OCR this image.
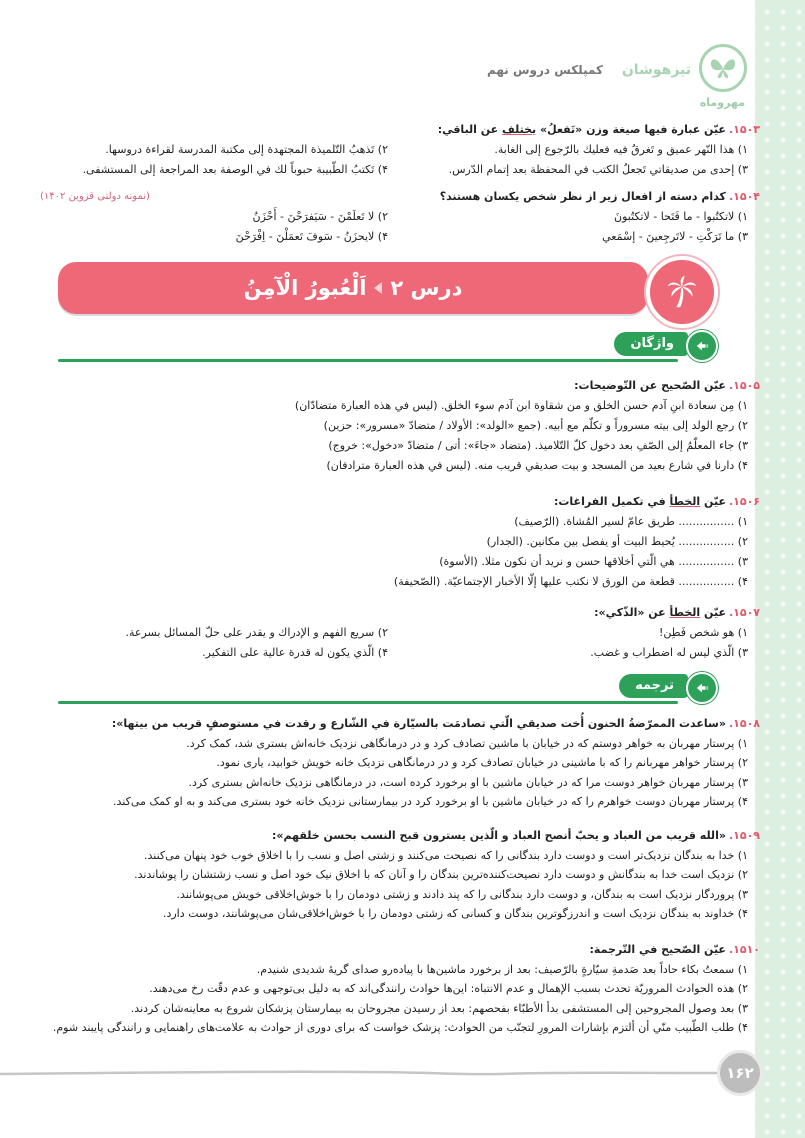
مهروماه
تیزهوشان
کمپلکس دروس نهم
۱۵۰۳.عيّن عبارة فيها صيغة وزن «تَفعلُ» يختلف عن الباقي:
۱) هذا النّهر عميق و تَغرقُ فيه فعليك بالرّجوع إلى الغابة.
۲) تَذهبُ التّلميذة المجتهدة إلى مكتبة المدرسة لقراءة دروسها.
۳) إحدى من صديقاتي تَجعلُ الكتب في المحفظة بعد إتمام الدّرس.
۴) تَكتبُ الطّبيبة حبوباً لك في الوصفة بعد المراجعة إلى المستشفى.
۱۵۰۴.کدام دسته از افعال زیر از نظر شخص یکسان هستند؟
(نمونه دولتی قزوین ۱۴۰۲)
۱) لاتكتُبوا - ما فَتَحا - لاتكتُبونَ
۲) لا تَعلَمْنَ - سَيَفرَحْنَ - أَحْزَنُ
۳) ما تَرَكْتِ - لاتَرجِعينَ - إسْمَعي
۴) لايحزَنُ - سَوفَ تَعمَلْنَ - اِفْرَحْنَ
درس ۲
اَلْعُبورُ الْآمِنُ
واژگان
۱۵۰۵.عيّن الصّحيح عن التّوضيحات:
۱) مِن سعادة ابنِ آدم حسن الخلق و من شقاوة ابن آدم سوء الخلق. (ليس في هذه العبارة متضادّان)
۲) رجع الولد إلى بيته مسروراً و تكلّم مع أبيه. (جمع «الولد»: الأولاد / متضادّ «مسرور»: حزين)
۳) جاء المعلّمُ إلى الصّفِ بعد دخول كلّ التّلاميذ. (متضاد «جاءَ»: أتى / متضادّ «دخول»: خروج)
۴) دارنا في شارع بعيد من المسجد و بيت صديقي قريب منه. (ليس في هذه العبارة مترادفان)
۱۵۰۶.عيّن الخطأ في تكميل الفراغات:
۱) ................ طريق عامّ لسير المُشاة. (الرّصيف)
۲) ................ يُحيط البيت أو يفصل بين مكانين. (الجدار)
۳) ................ هي الّتي أخلاقها حسن و نريد أن نكون مثلا. (الأسوة)
۴) ................ قطعة من الورق لا نكتب عليها إلّا الأخبار الإجتماعيّة. (الصّحيفة)
۱۵۰۷.عيّن الخطأ عن «الذّكي»:
۱) هو شخص فَطِن!
۲) سريع الفهم و الإدراك و يقدر على حلّ المسائل بسرعة.
۳) الّذي ليس له اضطراب و غضب.
۴) الّذي يكون له قدرة عالية على التفكير.
ترجمه
۱۵۰۸.«ساعدت الممرّضةُ الحنون أُخت صديقي الّتي تصادمَت بالسيّارة في الشّارع و رقدت في مستوصفٍ قريب من بيتها»:
۱) پرستار مهربان به خواهر دوستم که در خیابان با ماشین تصادف کرد و در درمانگاهی نزدیک خانه‌اش بستری شد، کمک کرد.
۲) پرستار خواهر مهربانم را که با ماشینی در خیابان تصادف کرد و در درمانگاهی نزدیک خانه خویش خوابید، یاری نمود.
۳) پرستار مهربان خواهر دوست مرا که در خیابان ماشین با او برخورد کرده است، در درمانگاهی نزدیک خانه‌اش بستری کرد.
۴) پرستار مهربان دوست خواهرم را که در خیابان ماشین با او برخورد کرد در بیمارستانی نزدیک خانه خود بستری می‌کند و به او کمک می‌کند.
۱۵۰۹.«الله قريب من العباد و يحبّ أنصح العباد و الّذين يسترون قبح النسب بحسن خلقهم»:
۱) خدا به بندگان نزدیک‌تر است و دوست دارد بندگانی را که نصیحت می‌کنند و زشتی اصل و نسب را با اخلاق خوب خود پنهان می‌کنند.
۲) نزدیک است خدا به بندگانش و دوست دارد نصیحت‌کننده‌ترین بندگان را و آنان که با اخلاق نیک خود اصل و نسب زشتشان را پوشاندند.
۳) پروردگار نزدیک است به بندگان، و دوست دارد بندگانی را که پند دادند و زشتی دودمان را با خوش‌اخلاقی خویش می‌پوشانند.
۴) خداوند به بندگان نزدیک است و اندرزگوترین بندگان و کسانی که زشتی دودمان را با خوش‌اخلاقی‌شان می‌پوشانند، دوست دارد.
۱۵۱۰.عيّن الصّحيح في التّرجمة:
۱) سمعتُ بكاء حاداً بعد صَدمةِ سيّارةٍ بالرّصيف: بعد از برخورد ماشین‌ها با پیاده‌رو صدای گریهٔ شدیدی شنیدم.
۲) هذه الحوادث المروريّة تحدث بسبب الإهمال و عدم الانتباه: این‌ها حوادث رانندگی‌اند که به دلیل بی‌توجهی و عدم دقّت رخ می‌دهند.
۳) بعد وصول المجروحين إلى المستشفى بدأ الأطبّاء بفحصهم: بعد از رسیدن مجروحان به بیمارستان پزشکان شروع به معاینه‌شان کردند.
۴) طلب الطّبيب منّي أن ألتزم بإشارات المرورِ لتجنّب من الحوادث: پزشک خواست که برای دوری از حوادث به علامت‌های راهنمایی و رانندگی پایبند شوم.
۱۶۲
